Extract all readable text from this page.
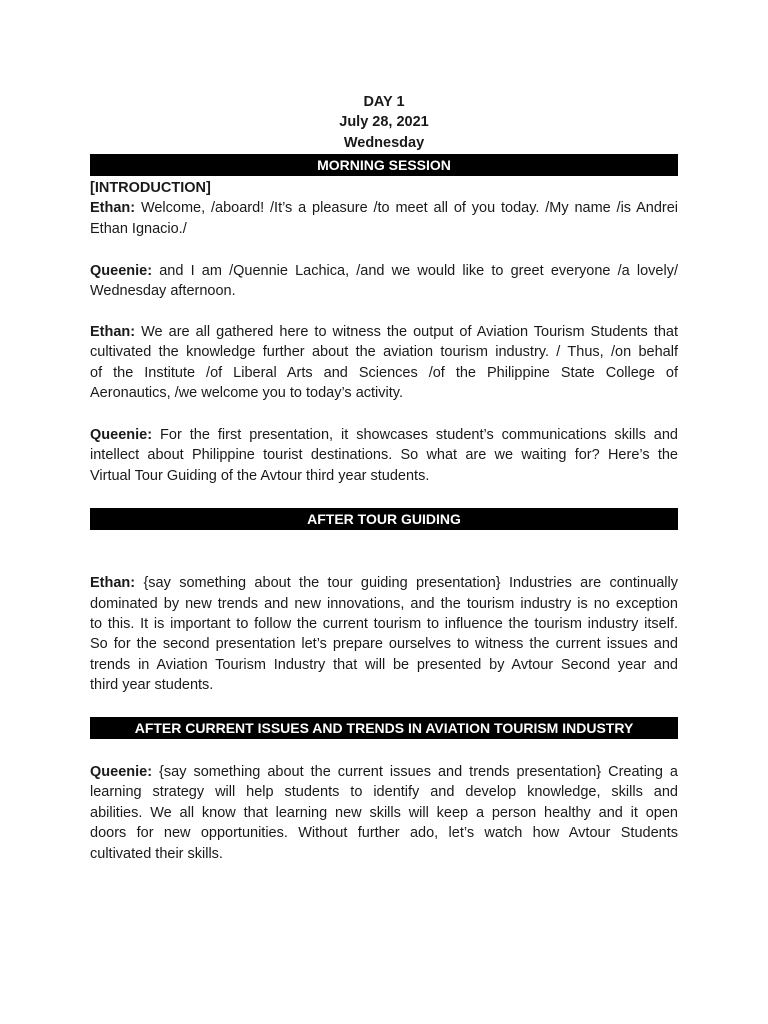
DAY 1
July 28, 2021
Wednesday
MORNING SESSION
[INTRODUCTION]
Ethan: Welcome, /aboard! /It’s a pleasure /to meet all of you today. /My name /is Andrei
Ethan Ignacio./
Queenie: and I am /Quennie Lachica, /and we would like to greet everyone /a lovely/
Wednesday afternoon.
Ethan: We are all gathered here to witness the output of Aviation Tourism Students that
cultivated the knowledge further about the aviation tourism industry. / Thus, /on behalf
of the Institute /of Liberal Arts and Sciences /of the Philippine State College of
Aeronautics, /we welcome you to today’s activity.
Queenie: For the first presentation, it showcases student’s communications skills and
intellect about Philippine tourist destinations. So what are we waiting for? Here’s the
Virtual Tour Guiding of the Avtour third year students.
AFTER TOUR GUIDING
Ethan: {say something about the tour guiding presentation} Industries are continually
dominated by new trends and new innovations, and the tourism industry is no exception
to this. It is important to follow the current tourism to influence the tourism industry itself.
So for the second presentation let’s prepare ourselves to witness the current issues and
trends in Aviation Tourism Industry that will be presented by Avtour Second year and
third year students.
AFTER CURRENT ISSUES AND TRENDS IN AVIATION TOURISM INDUSTRY
Queenie: {say something about the current issues and trends presentation} Creating a
learning strategy will help students to identify and develop knowledge, skills and
abilities. We all know that learning new skills will keep a person healthy and it open
doors for new opportunities. Without further ado, let’s watch how Avtour Students
cultivated their skills.
